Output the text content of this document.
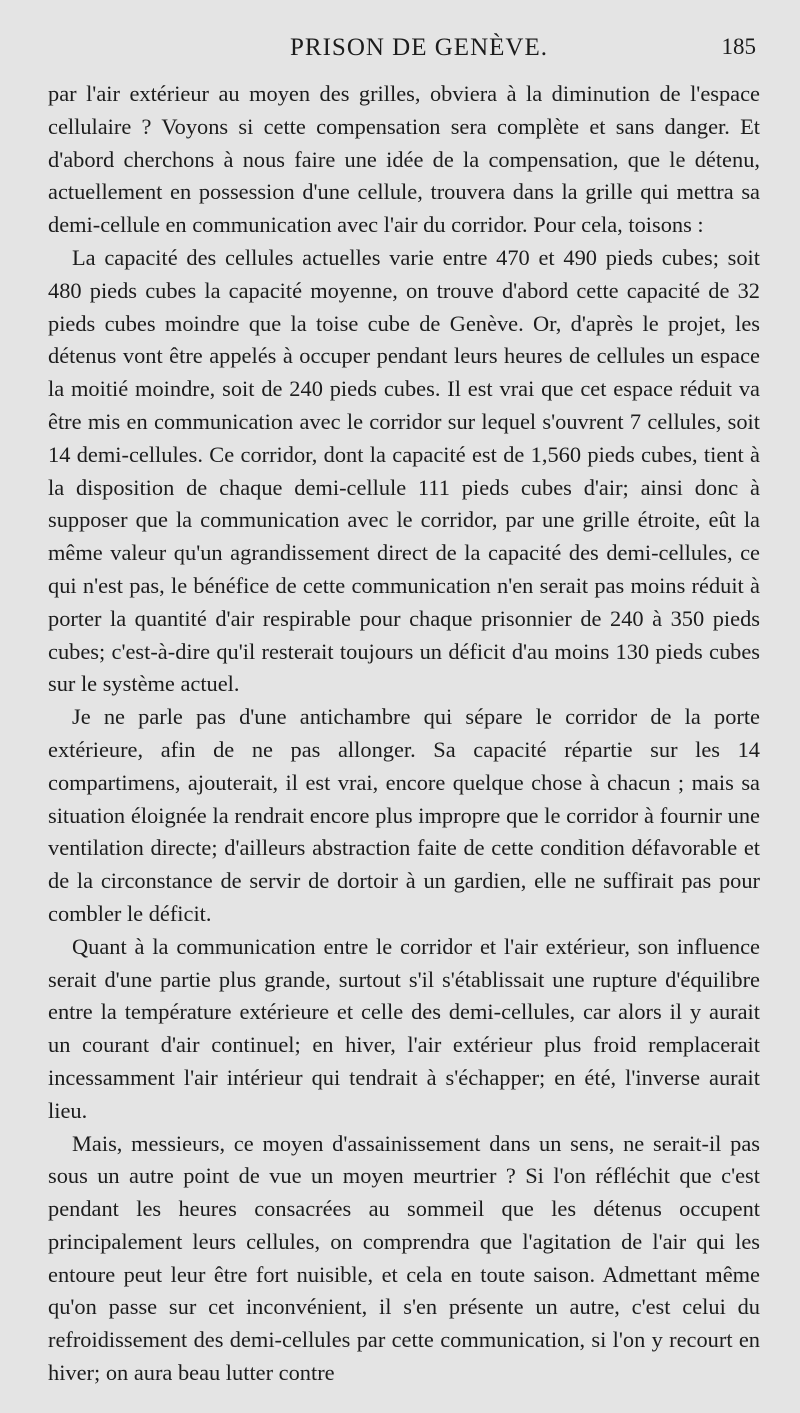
PRISON DE GENÈVE.	185

par l'air extérieur au moyen des grilles, obviera à la diminution de l'espace cellulaire ? Voyons si cette compensation sera complète et sans danger. Et d'abord cherchons à nous faire une idée de la compensation, que le détenu, actuellement en possession d'une cellule, trouvera dans la grille qui mettra sa demi-cellule en communication avec l'air du corridor. Pour cela, toisons :

La capacité des cellules actuelles varie entre 470 et 490 pieds cubes; soit 480 pieds cubes la capacité moyenne, on trouve d'abord cette capacité de 32 pieds cubes moindre que la toise cube de Genève. Or, d'après le projet, les détenus vont être appelés à occuper pendant leurs heures de cellules un espace la moitié moindre, soit de 240 pieds cubes. Il est vrai que cet espace réduit va être mis en communication avec le corridor sur lequel s'ouvrent 7 cellules, soit 14 demi-cellules. Ce corridor, dont la capacité est de 1,560 pieds cubes, tient à la disposition de chaque demi-cellule 111 pieds cubes d'air; ainsi donc à supposer que la communication avec le corridor, par une grille étroite, eût la même valeur qu'un agrandissement direct de la capacité des demi-cellules, ce qui n'est pas, le bénéfice de cette communication n'en serait pas moins réduit à porter la quantité d'air respirable pour chaque prisonnier de 240 à 350 pieds cubes; c'est-à-dire qu'il resterait toujours un déficit d'au moins 130 pieds cubes sur le système actuel.

Je ne parle pas d'une antichambre qui sépare le corridor de la porte extérieure, afin de ne pas allonger. Sa capacité répartie sur les 14 compartimens, ajouterait, il est vrai, encore quelque chose à chacun ; mais sa situation éloignée la rendrait encore plus impropre que le corridor à fournir une ventilation directe; d'ailleurs abstraction faite de cette condition défavorable et de la circonstance de servir de dortoir à un gardien, elle ne suffirait pas pour combler le déficit.

Quant à la communication entre le corridor et l'air extérieur, son influence serait d'une partie plus grande, surtout s'il s'établissait une rupture d'équilibre entre la température extérieure et celle des demi-cellules, car alors il y aurait un courant d'air continuel; en hiver, l'air extérieur plus froid remplacerait incessamment l'air intérieur qui tendrait à s'échapper; en été, l'inverse aurait lieu.

Mais, messieurs, ce moyen d'assainissement dans un sens, ne serait-il pas sous un autre point de vue un moyen meurtrier ? Si l'on réfléchit que c'est pendant les heures consacrées au sommeil que les détenus occupent principalement leurs cellules, on comprendra que l'agitation de l'air qui les entoure peut leur être fort nuisible, et cela en toute saison. Admettant même qu'on passe sur cet inconvénient, il s'en présente un autre, c'est celui du refroidissement des demi-cellules par cette communication, si l'on y recourt en hiver; on aura beau lutter contre
